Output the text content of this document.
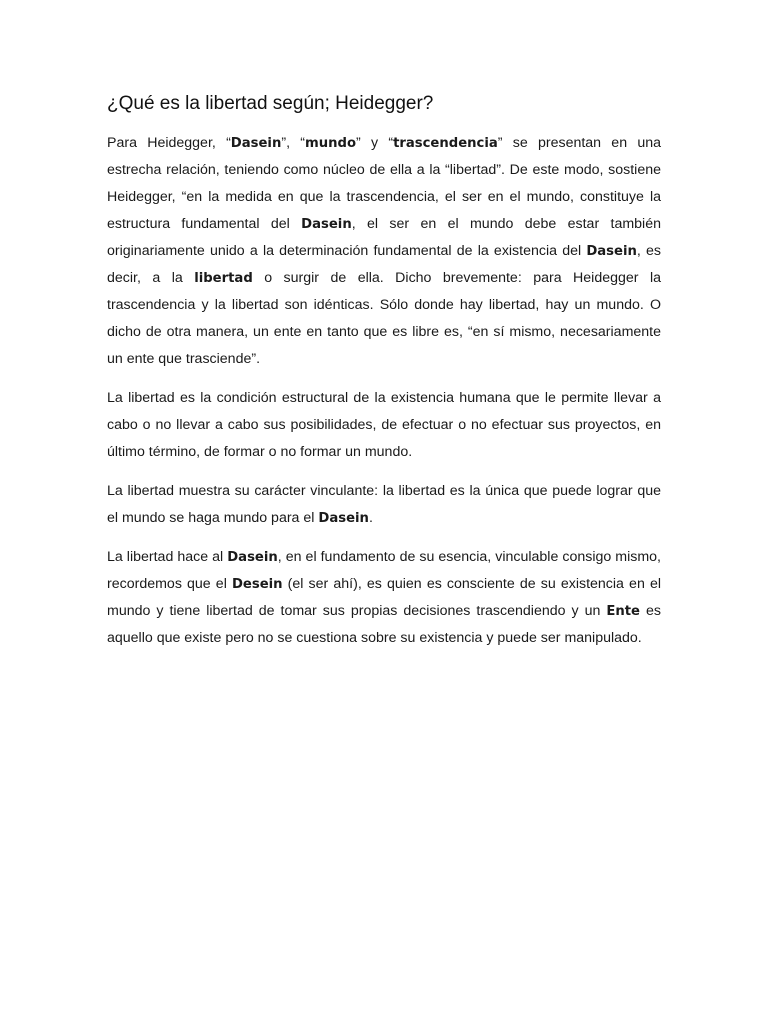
¿Qué es la libertad según; Heidegger?

Para Heidegger, “Dasein”, “mundo” y “trascendencia” se presentan en una estrecha relación, teniendo como núcleo de ella a la “libertad”. De este modo, sostiene Heidegger, “en la medida en que la trascendencia, el ser en el mundo, constituye la estructura fundamental del Dasein, el ser en el mundo debe estar también originariamente unido a la determinación fundamental de la existencia del Dasein, es decir, a la libertad o surgir de ella. Dicho brevemente: para Heidegger la trascendencia y la libertad son idénticas. Sólo donde hay libertad, hay un mundo. O dicho de otra manera, un ente en tanto que es libre es, “en sí mismo, necesariamente un ente que trasciende”.

La libertad es la condición estructural de la existencia humana que le permite llevar a cabo o no llevar a cabo sus posibilidades, de efectuar o no efectuar sus proyectos, en último término, de formar o no formar un mundo.

La libertad muestra su carácter vinculante: la libertad es la única que puede lograr que el mundo se haga mundo para el Dasein.

La libertad hace al Dasein, en el fundamento de su esencia, vinculable consigo mismo, recordemos que el Desein (el ser ahí), es quien es consciente de su existencia en el mundo y tiene libertad de tomar sus propias decisiones trascendiendo y un Ente es aquello que existe pero no se cuestiona sobre su existencia y puede ser manipulado.
